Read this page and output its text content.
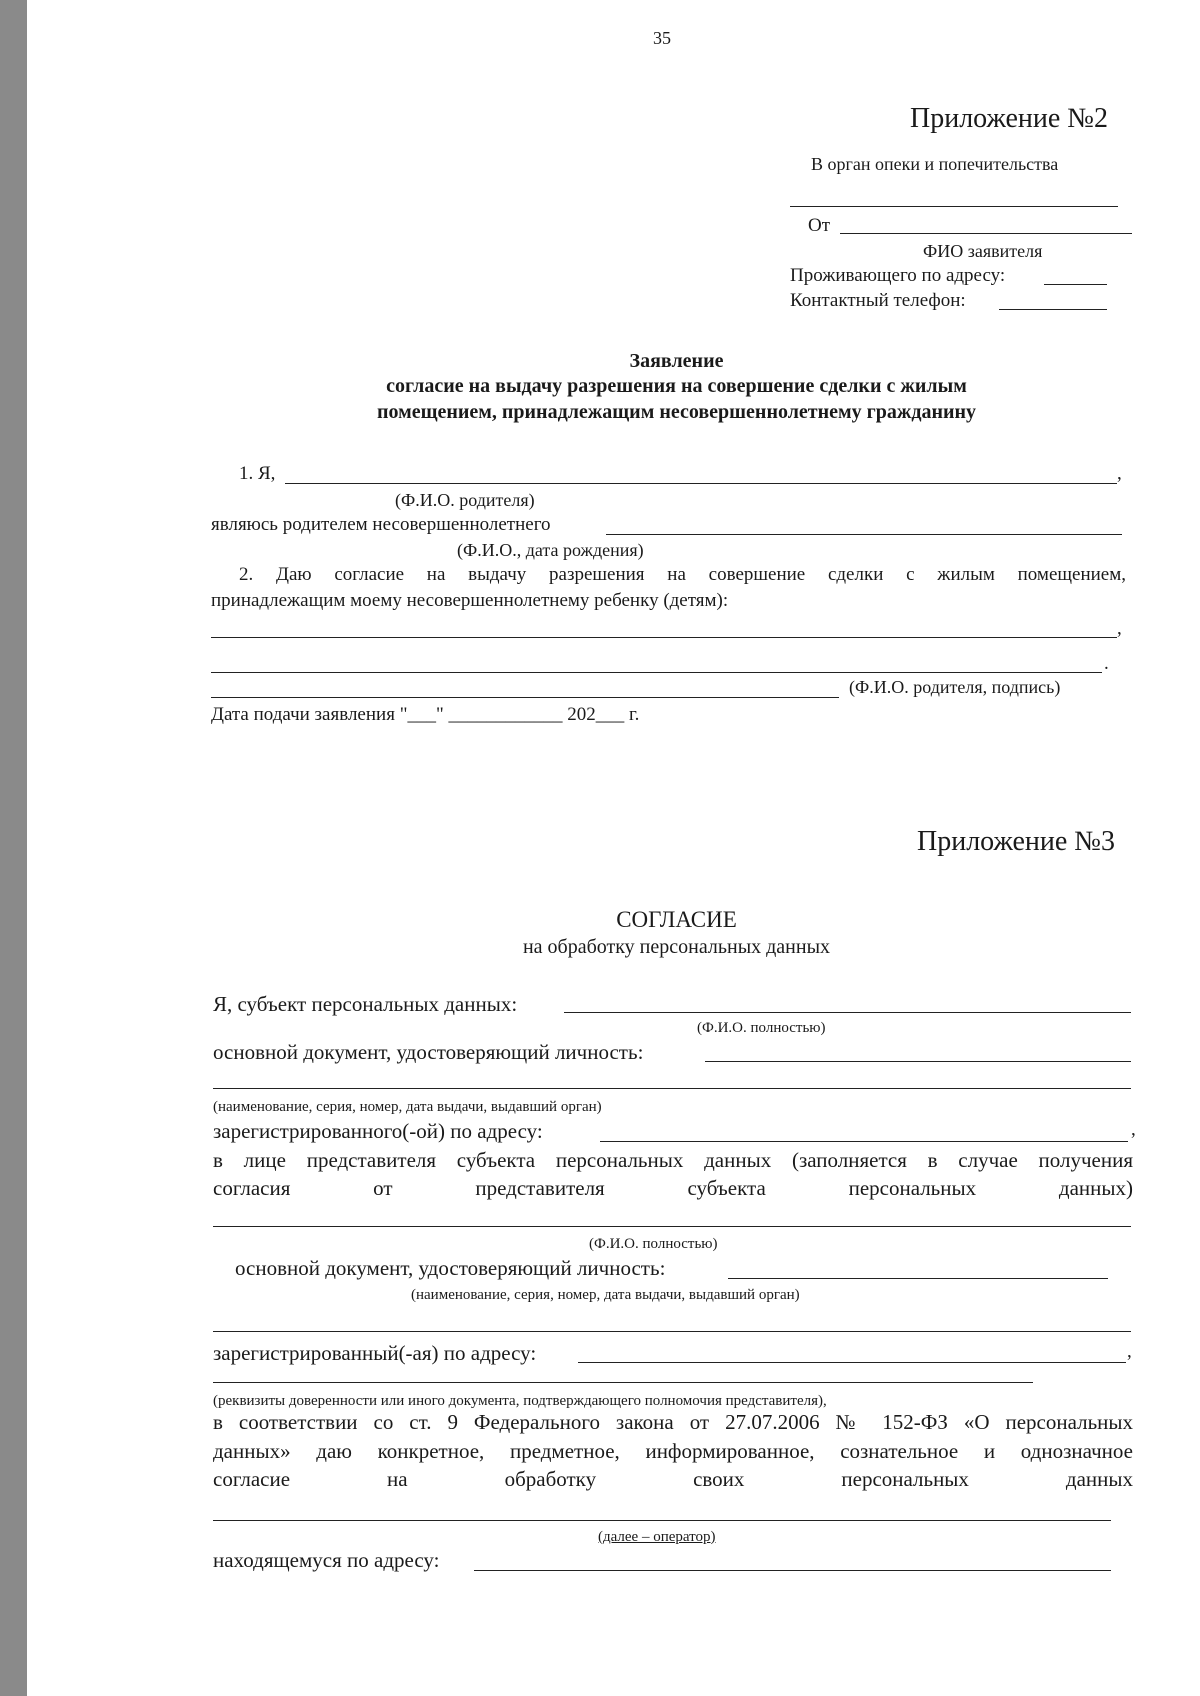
35
Приложение №2
В орган опеки и попечительства
От
ФИО заявителя
Проживающего по адресу:
Контактный телефон:
Заявление
согласие на выдачу разрешения на совершение сделки с жилым
помещением, принадлежащим несовершеннолетнему гражданину
1. Я,	,
(Ф.И.О. родителя)
являюсь родителем несовершеннолетнего
(Ф.И.О., дата рождения)
2. Даю согласие на выдачу разрешения на совершение сделки с жилым помещением,
принадлежащим моему несовершеннолетнему ребенку (детям):
,
.
(Ф.И.О. родителя, подпись)
Дата подачи заявления "___" ____________ 202___ г.
Приложение №3
СОГЛАСИЕ
на обработку персональных данных
Я, субъект персональных данных:
(Ф.И.О. полностью)
основной документ, удостоверяющий личность:
(наименование, серия, номер, дата выдачи, выдавший орган)
зарегистрированного(-ой) по адресу:	,
в лице представителя субъекта персональных данных (заполняется в случае получения
согласия от представителя субъекта персональных данных)
(Ф.И.О. полностью)
основной документ, удостоверяющий личность:
(наименование, серия, номер, дата выдачи, выдавший орган)
зарегистрированный(-ая) по адресу:	,
(реквизиты доверенности или иного документа, подтверждающего полномочия представителя),
в соответствии со ст. 9 Федерального закона от 27.07.2006 № 152-ФЗ «О персональных
данных» даю конкретное, предметное, информированное, сознательное и однозначное
согласие на обработку своих персональных данных
(далее – оператор)
находящемуся по адресу:
